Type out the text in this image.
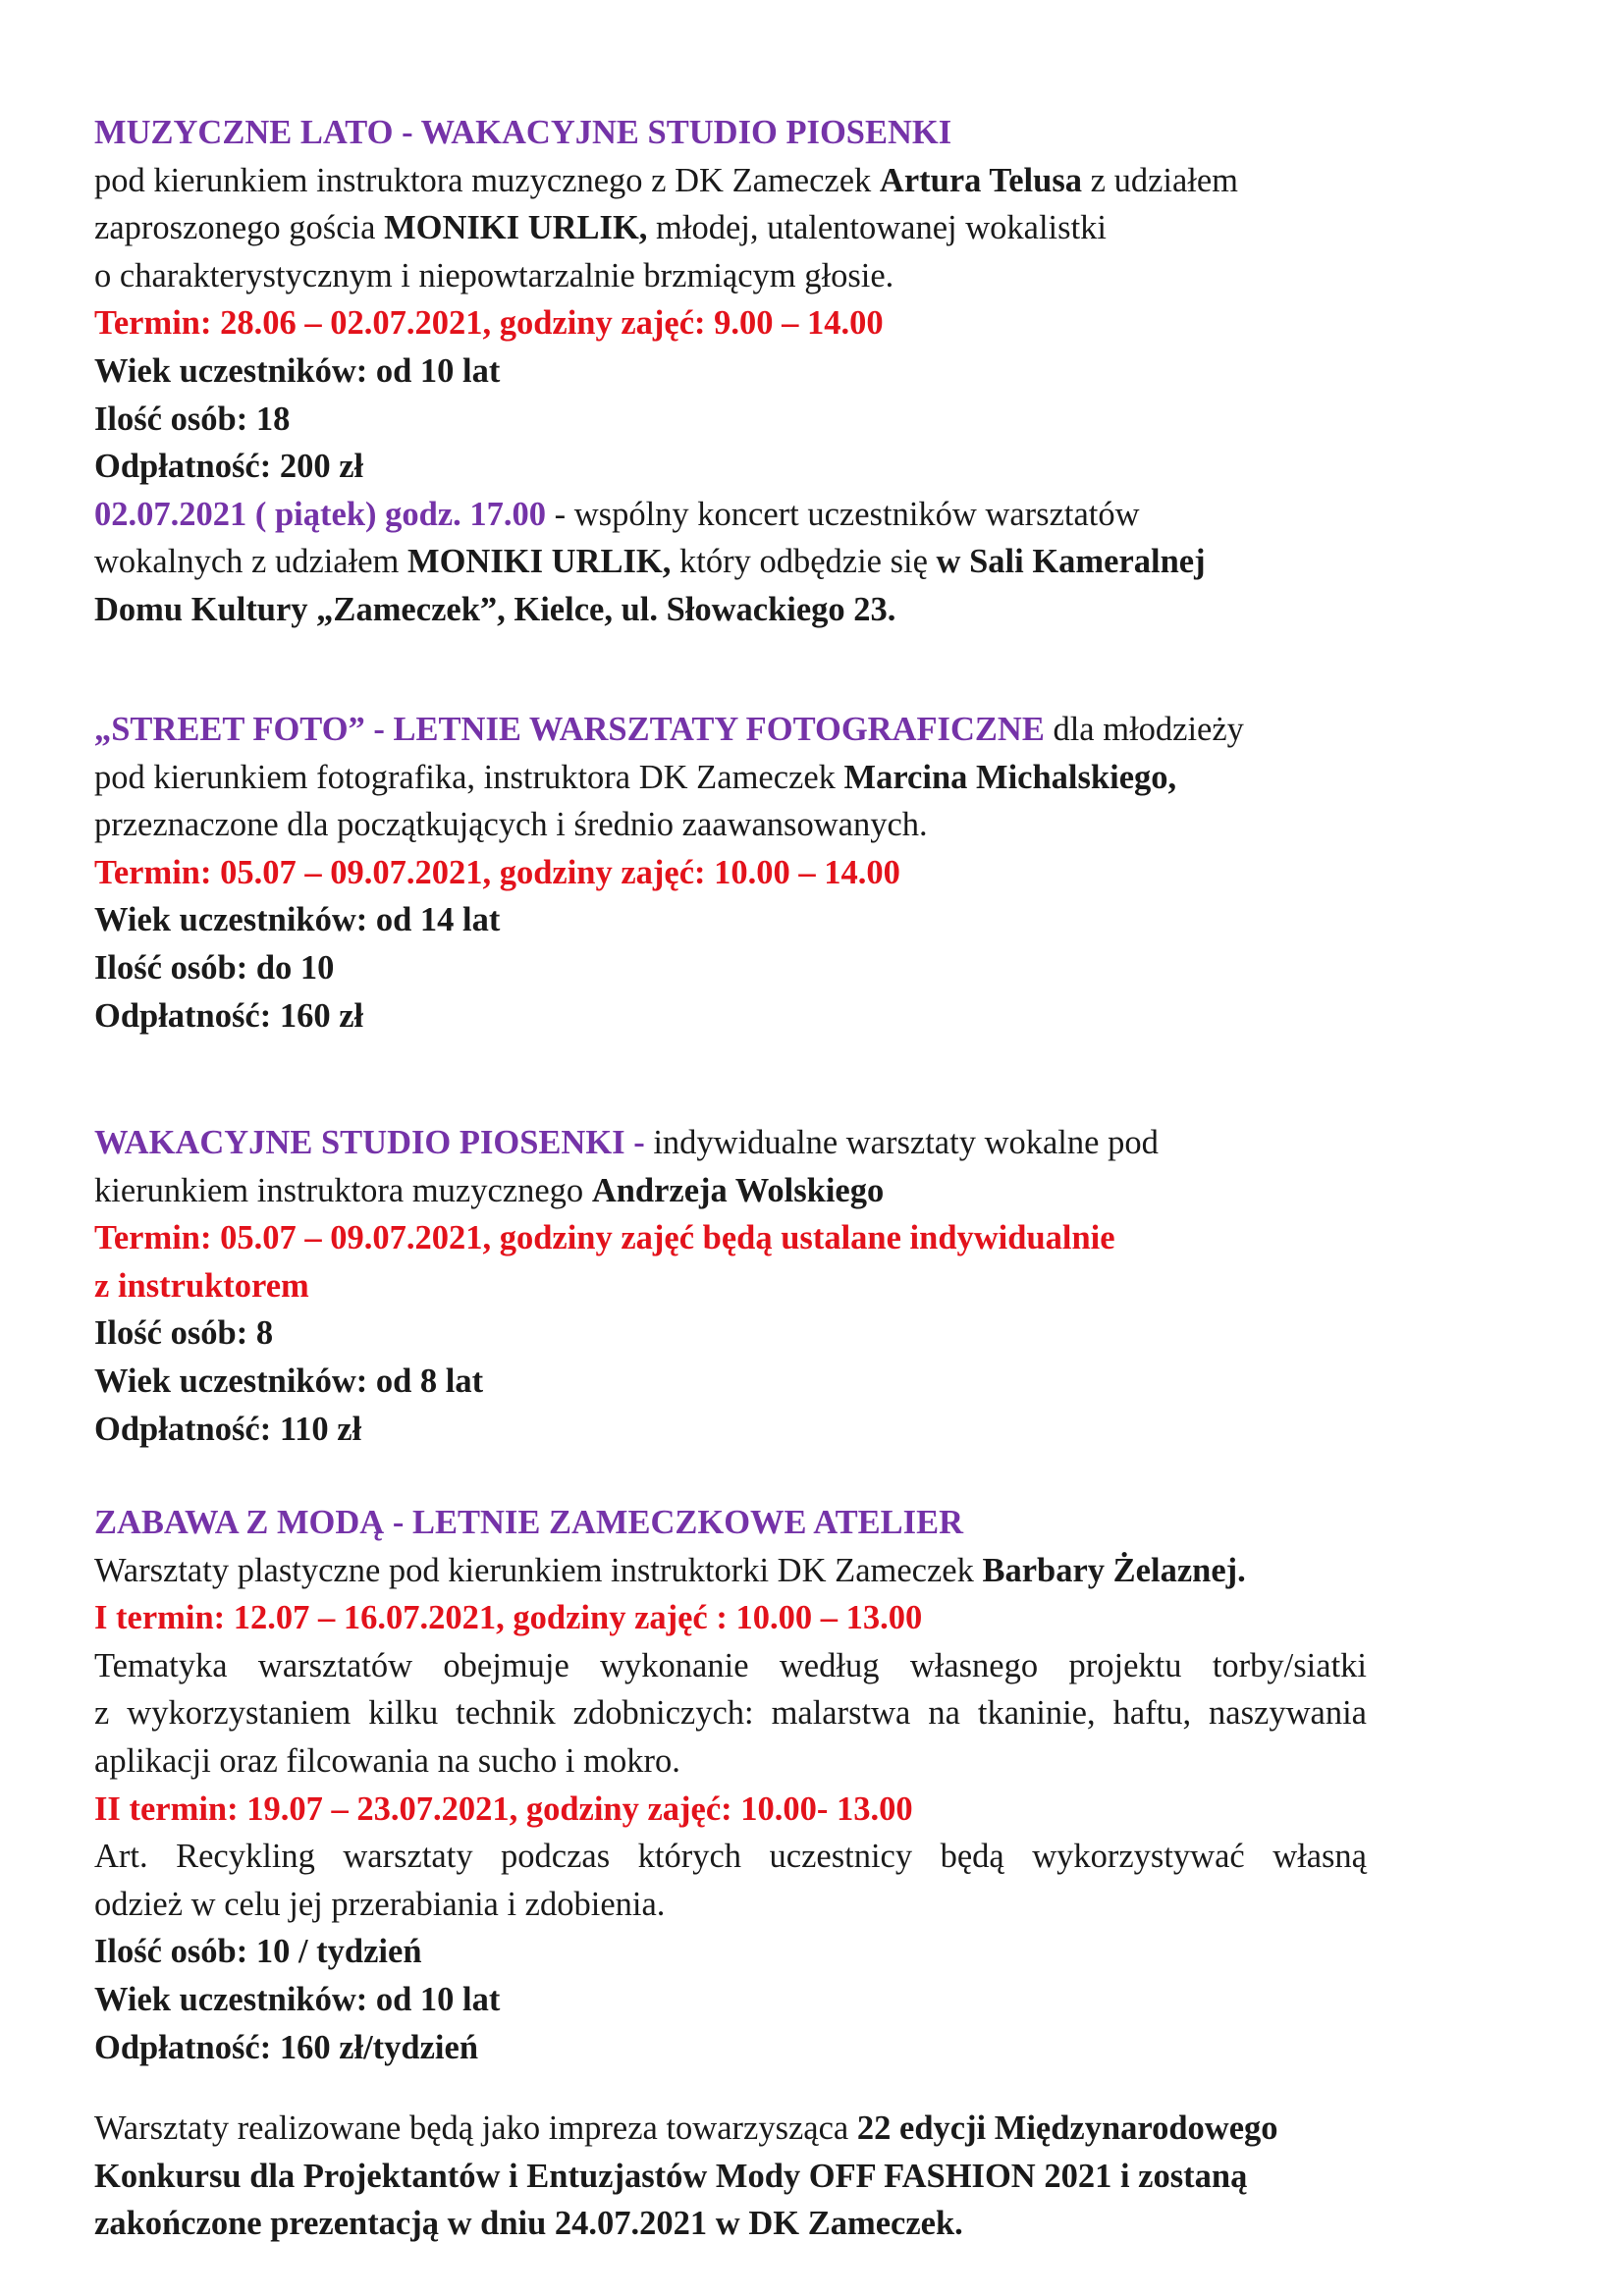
MUZYCZNE LATO - WAKACYJNE STUDIO PIOSENKI
pod kierunkiem instruktora muzycznego z DK Zameczek Artura Telusa z udziałem
zaproszonego gościa MONIKI URLIK, młodej, utalentowanej wokalistki
o charakterystycznym i niepowtarzalnie brzmiącym głosie.
Termin: 28.06 – 02.07.2021, godziny zajęć: 9.00 – 14.00
Wiek uczestników: od 10 lat
Ilość osób: 18
Odpłatność: 200 zł
02.07.2021 ( piątek) godz. 17.00 - wspólny koncert uczestników warsztatów
wokalnych z udziałem MONIKI URLIK, który odbędzie się w Sali Kameralnej
Domu Kultury „Zameczek”, Kielce, ul. Słowackiego 23.
„STREET FOTO” - LETNIE WARSZTATY FOTOGRAFICZNE dla młodzieży
pod kierunkiem fotografika, instruktora DK Zameczek Marcina Michalskiego,
przeznaczone dla początkujących i średnio zaawansowanych.
Termin: 05.07 – 09.07.2021, godziny zajęć: 10.00 – 14.00
Wiek uczestników: od 14 lat
Ilość osób: do 10
Odpłatność: 160 zł
WAKACYJNE STUDIO PIOSENKI - indywidualne warsztaty wokalne pod
kierunkiem instruktora muzycznego Andrzeja Wolskiego
Termin: 05.07 – 09.07.2021, godziny zajęć będą ustalane indywidualnie
z instruktorem
Ilość osób: 8
Wiek uczestników: od 8 lat
Odpłatność: 110 zł
ZABAWA Z MODĄ - LETNIE ZAMECZKOWE ATELIER
Warsztaty plastyczne pod kierunkiem instruktorki DK Zameczek Barbary Żelaznej.
I termin: 12.07 – 16.07.2021, godziny zajęć : 10.00 – 13.00
Tematyka warsztatów obejmuje wykonanie według własnego projektu torby/siatki
z wykorzystaniem kilku technik zdobniczych: malarstwa na tkaninie, haftu, naszywania
aplikacji oraz filcowania na sucho i mokro.
II termin: 19.07 – 23.07.2021, godziny zajęć: 10.00- 13.00
Art. Recykling warsztaty podczas których uczestnicy będą wykorzystywać własną
odzież w celu jej przerabiania i zdobienia.
Ilość osób: 10 / tydzień
Wiek uczestników: od 10 lat
Odpłatność: 160 zł/tydzień
Warsztaty realizowane będą jako impreza towarzysząca 22 edycji Międzynarodowego
Konkursu dla Projektantów i Entuzjastów Mody OFF FASHION 2021 i zostaną
zakończone prezentacją w dniu 24.07.2021 w DK Zameczek.
